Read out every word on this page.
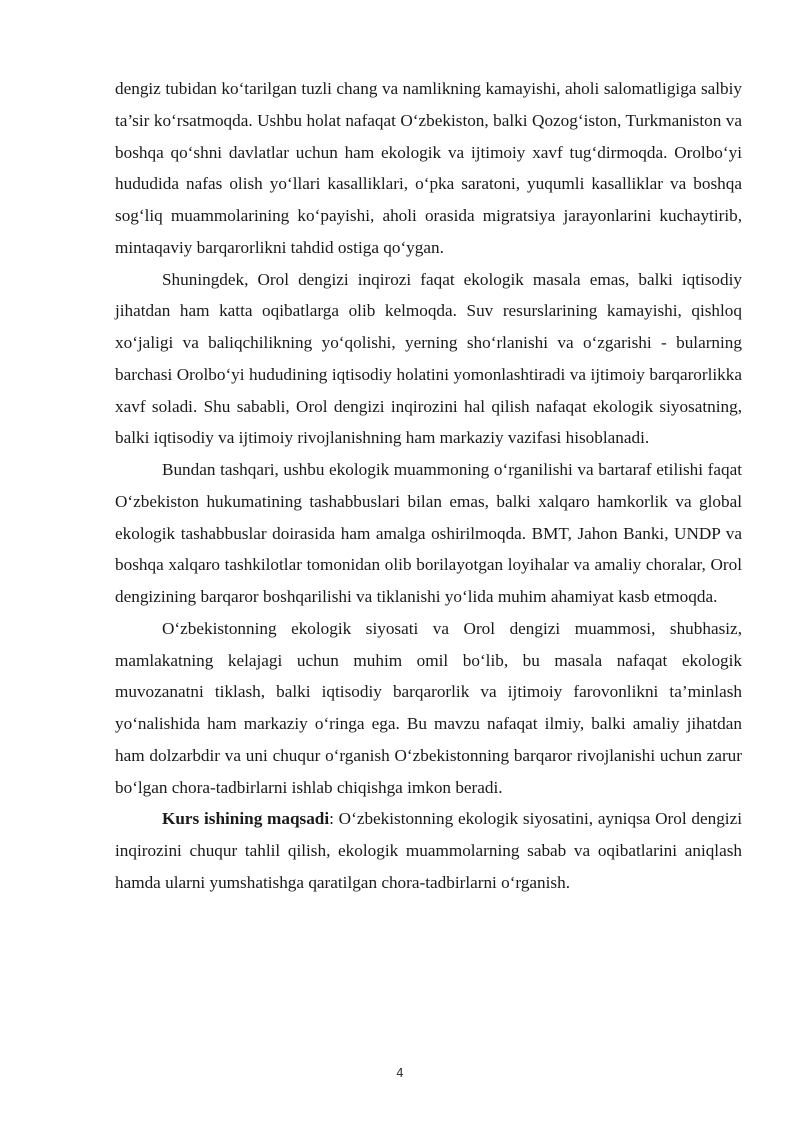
dengiz tubidan ko‘tarilgan tuzli chang va namlikning kamayishi, aholi salomatligiga salbiy ta’sir ko‘rsatmoqda. Ushbu holat nafaqat O‘zbekiston, balki Qozog‘iston, Turkmaniston va boshqa qo‘shni davlatlar uchun ham ekologik va ijtimoiy xavf tug‘dirmoqda. Orolbo‘yi hududida nafas olish yo‘llari kasalliklari, o‘pka saratoni, yuqumli kasalliklar va boshqa sog‘liq muammolarining ko‘payishi, aholi orasida migratsiya jarayonlarini kuchaytirib, mintaqaviy barqarorlikni tahdid ostiga qo‘ygan.

Shuningdek, Orol dengizi inqirozi faqat ekologik masala emas, balki iqtisodiy jihatdan ham katta oqibatlarga olib kelmoqda. Suv resurslarining kamayishi, qishloq xo‘jaligi va baliqchilikning yo‘qolishi, yerning sho‘rlanishi va o‘zgarishi - bularning barchasi Orolbo‘yi hududining iqtisodiy holatini yomonlashtiradi va ijtimoiy barqarorlikka xavf soladi. Shu sababli, Orol dengizi inqirozini hal qilish nafaqat ekologik siyosatning, balki iqtisodiy va ijtimoiy rivojlanishning ham markaziy vazifasi hisoblanadi.

Bundan tashqari, ushbu ekologik muammoning o‘rganilishi va bartaraf etilishi faqat O‘zbekiston hukumatining tashabbuslari bilan emas, balki xalqaro hamkorlik va global ekologik tashabbuslar doirasida ham amalga oshirilmoqda. BMT, Jahon Banki, UNDP va boshqa xalqaro tashkilotlar tomonidan olib borilayotgan loyihalar va amaliy choralar, Orol dengizining barqaror boshqarilishi va tiklanishi yo‘lida muhim ahamiyat kasb etmoqda.

O‘zbekistonning ekologik siyosati va Orol dengizi muammosi, shubhasiz, mamlakatning kelajagi uchun muhim omil bo‘lib, bu masala nafaqat ekologik muvozanatni tiklash, balki iqtisodiy barqarorlik va ijtimoiy farovonlikni ta’minlash yo‘nalishida ham markaziy o‘ringa ega. Bu mavzu nafaqat ilmiy, balki amaliy jihatdan ham dolzarbdir va uni chuqur o‘rganish O‘zbekistonning barqaror rivojlanishi uchun zarur bo‘lgan chora-tadbirlarni ishlab chiqishga imkon beradi.

Kurs ishining maqsadi: O‘zbekistonning ekologik siyosatini, ayniqsa Orol dengizi inqirozini chuqur tahlil qilish, ekologik muammolarning sabab va oqibatlarini aniqlash hamda ularni yumshatishga qaratilgan chora-tadbirlarni o‘rganish.

4
